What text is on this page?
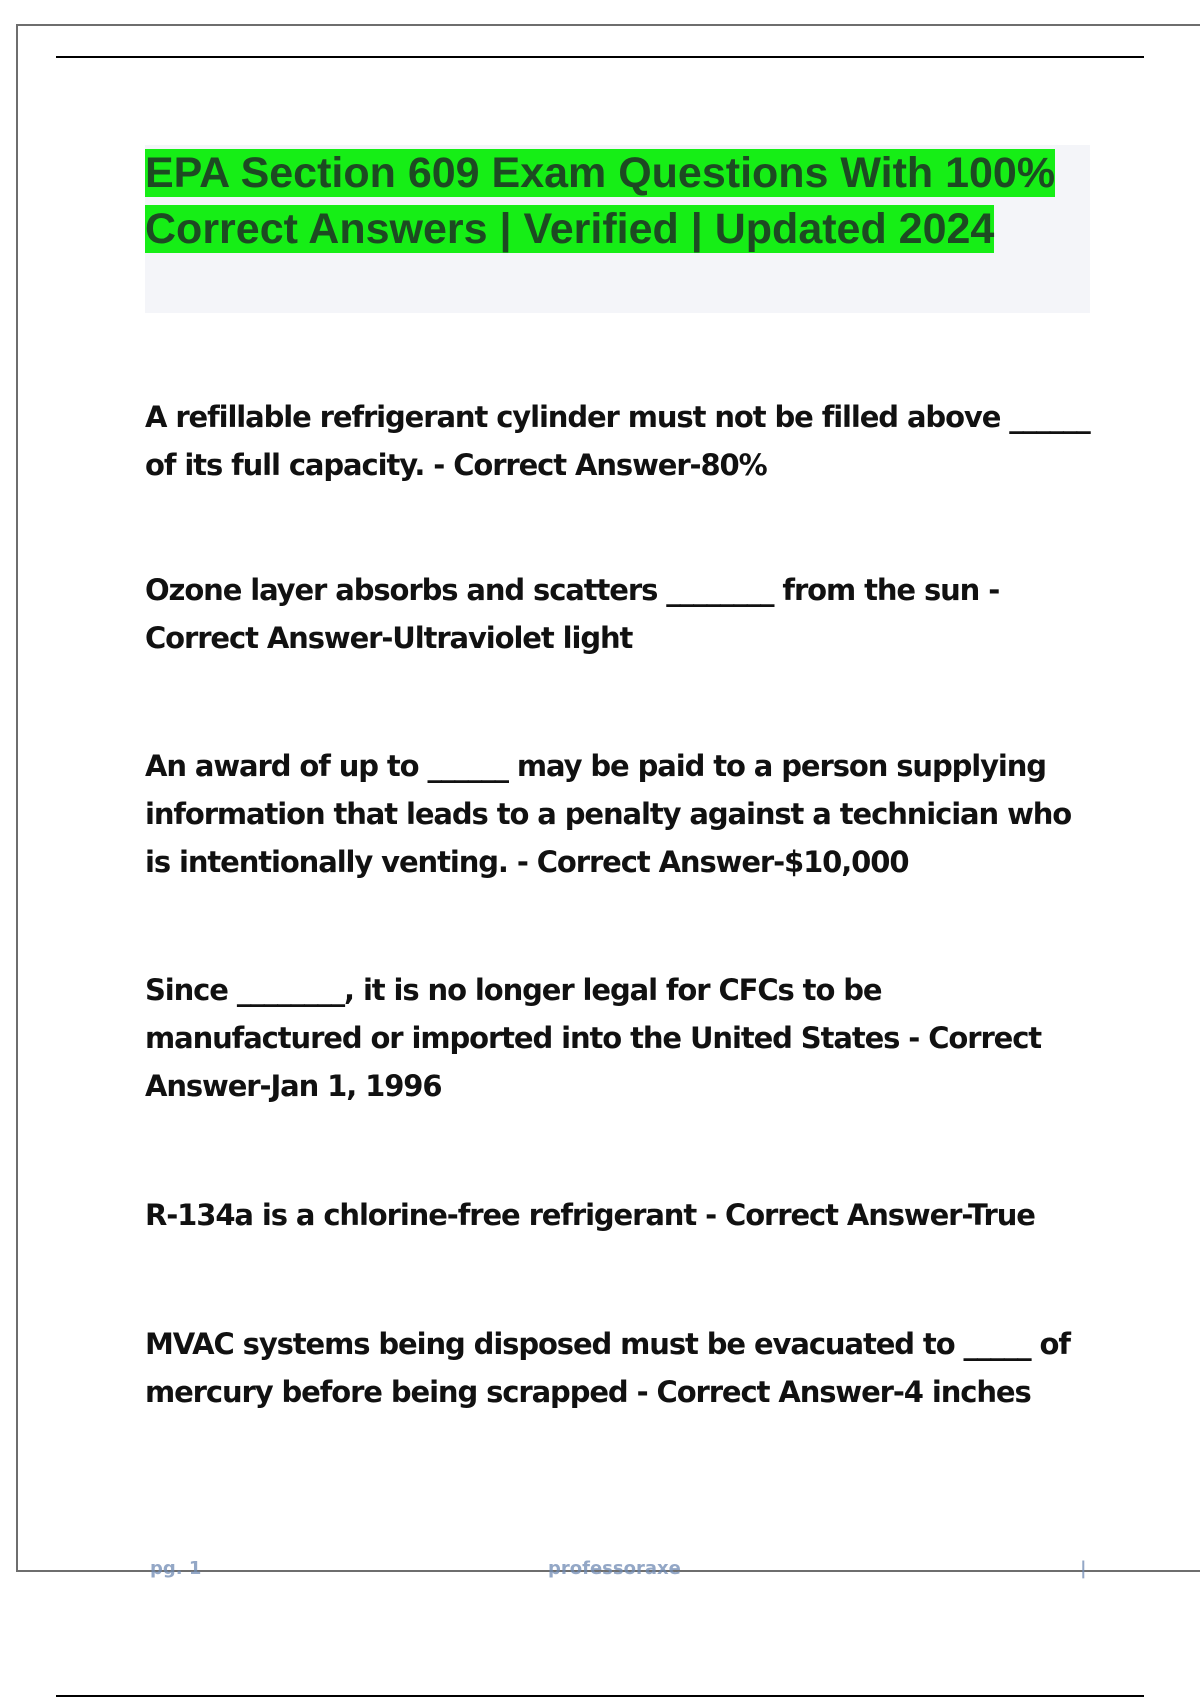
EPA Section 609 Exam Questions With 100% Correct Answers | Verified | Updated 2024

A refillable refrigerant cylinder must not be filled above ______ of its full capacity. - Correct Answer-80%

Ozone layer absorbs and scatters ________ from the sun - Correct Answer-Ultraviolet light

An award of up to ______ may be paid to a person supplying information that leads to a penalty against a technician who is intentionally venting. - Correct Answer-$10,000

Since ________, it is no longer legal for CFCs to be manufactured or imported into the United States - Correct Answer-Jan 1, 1996

R-134a is a chlorine-free refrigerant - Correct Answer-True

MVAC systems being disposed must be evacuated to _____ of mercury before being scrapped - Correct Answer-4 inches

pg. 1	professoraxe	|
